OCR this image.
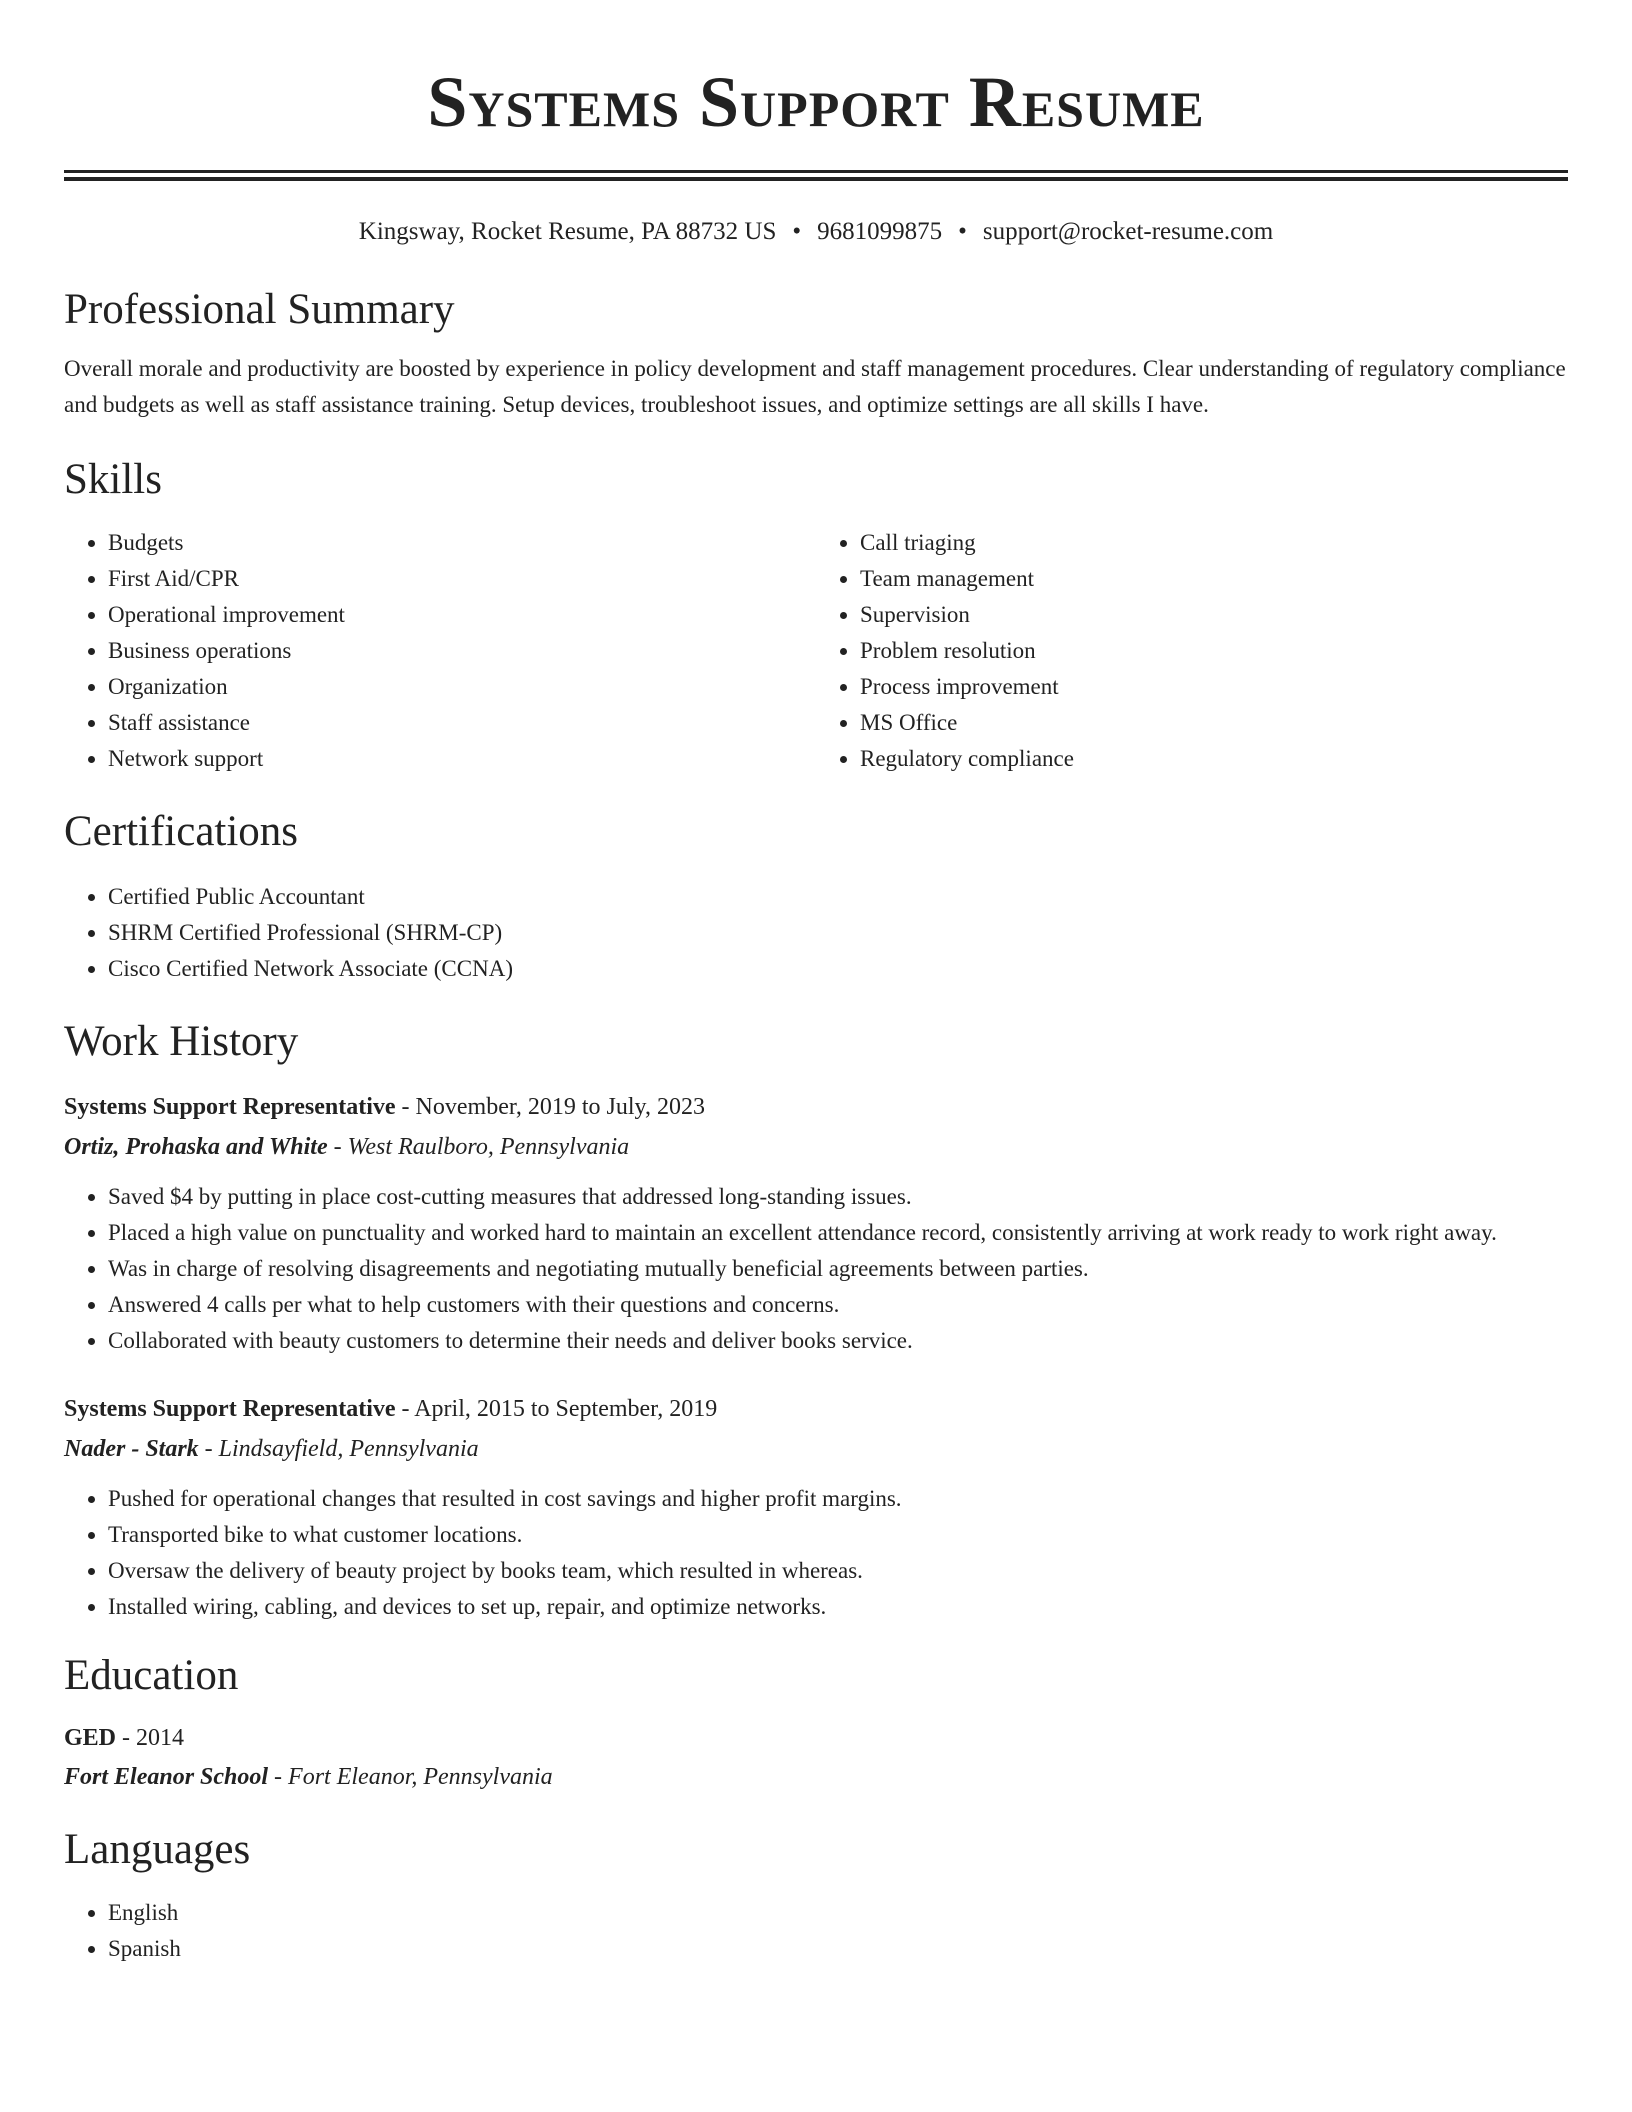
Systems Support Resume
Kingsway, Rocket Resume, PA 88732 US • 9681099875 • support@rocket-resume.com
Professional Summary

Overall morale and productivity are boosted by experience in policy development and staff management procedures. Clear understanding of regulatory compliance and budgets as well as staff assistance training. Setup devices, troubleshoot issues, and optimize settings are all skills I have.

Skills
• Budgets
• First Aid/CPR
• Operational improvement
• Business operations
• Organization
• Staff assistance
• Network support
• Call triaging
• Team management
• Supervision
• Problem resolution
• Process improvement
• MS Office
• Regulatory compliance
Certifications
• Certified Public Accountant
• SHRM Certified Professional (SHRM-CP)
• Cisco Certified Network Associate (CCNA)
Work History
Systems Support Representative - November, 2019 to July, 2023
Ortiz, Prohaska and White - West Raulboro, Pennsylvania
• Saved $4 by putting in place cost-cutting measures that addressed long-standing issues.
• Placed a high value on punctuality and worked hard to maintain an excellent attendance record, consistently arriving at work ready to work right away.
• Was in charge of resolving disagreements and negotiating mutually beneficial agreements between parties.
• Answered 4 calls per what to help customers with their questions and concerns.
• Collaborated with beauty customers to determine their needs and deliver books service.
Systems Support Representative - April, 2015 to September, 2019
Nader - Stark - Lindsayfield, Pennsylvania
• Pushed for operational changes that resulted in cost savings and higher profit margins.
• Transported bike to what customer locations.
• Oversaw the delivery of beauty project by books team, which resulted in whereas.
• Installed wiring, cabling, and devices to set up, repair, and optimize networks.
Education
GED - 2014
Fort Eleanor School - Fort Eleanor, Pennsylvania
Languages
• English
• Spanish
